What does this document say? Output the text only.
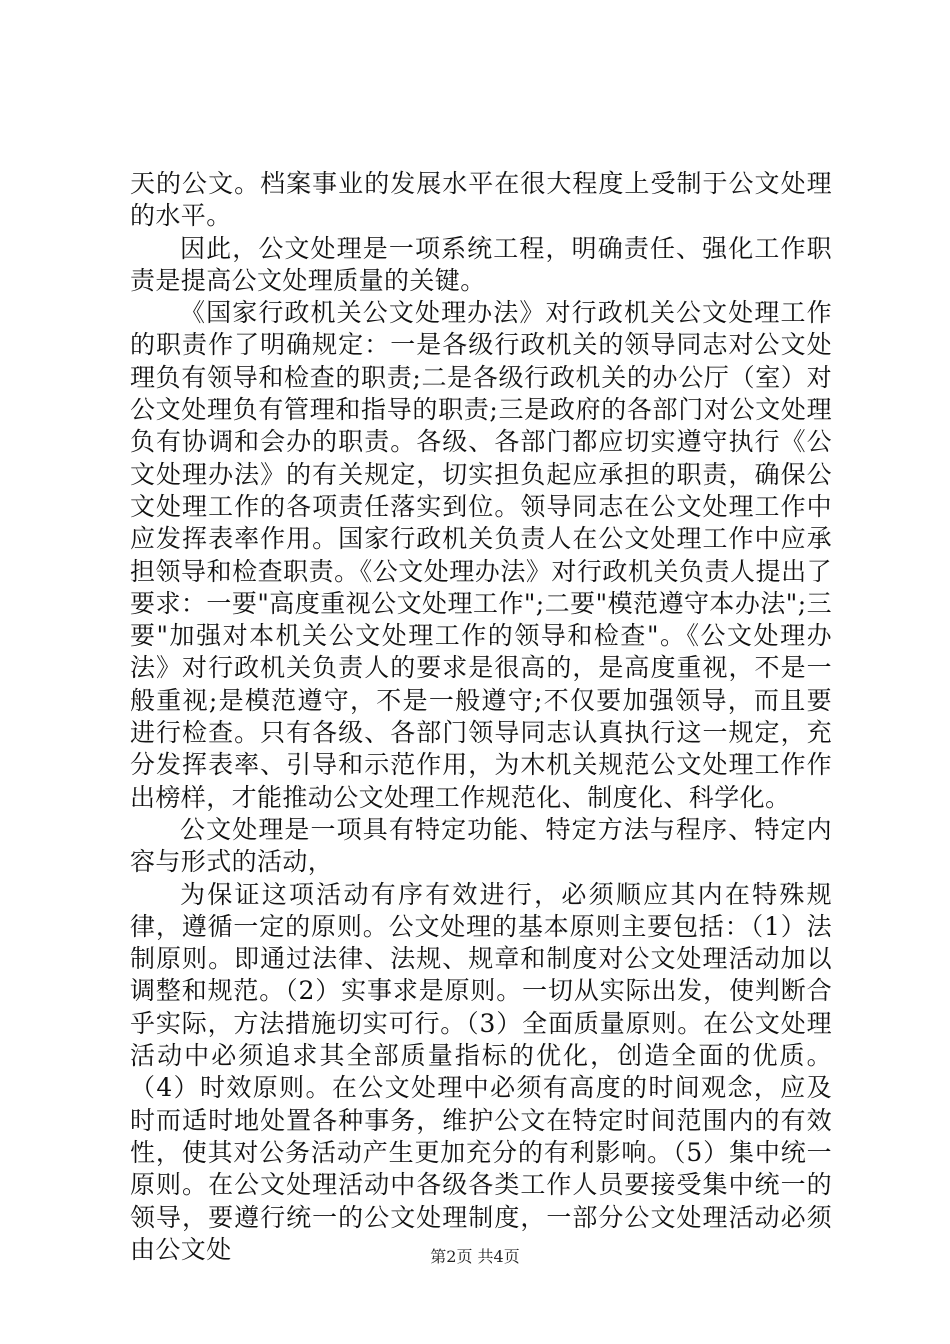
天的公文。档案事业的发展水平在很大程度上受制于公文处理的水平。

因此，公文处理是一项系统工程，明确责任、强化工作职责是提高公文处理质量的关键。

《国家行政机关公文处理办法》对行政机关公文处理工作的职责作了明确规定：一是各级行政机关的领导同志对公文处理负有领导和检查的职责;二是各级行政机关的办公厅（室）对公文处理负有管理和指导的职责;三是政府的各部门对公文处理负有协调和会办的职责。各级、各部门都应切实遵守执行《公文处理办法》的有关规定，切实担负起应承担的职责，确保公文处理工作的各项责任落实到位。领导同志在公文处理工作中应发挥表率作用。国家行政机关负责人在公文处理工作中应承担领导和检查职责。《公文处理办法》对行政机关负责人提出了要求：一要"高度重视公文处理工作";二要"模范遵守本办法";三要"加强对本机关公文处理工作的领导和检查"。《公文处理办法》对行政机关负责人的要求是很高的，是高度重视，不是一般重视;是模范遵守，不是一般遵守;不仅要加强领导，而且要进行检查。只有各级、各部门领导同志认真执行这一规定，充分发挥表率、引导和示范作用，为木机关规范公文处理工作作出榜样，才能推动公文处理工作规范化、制度化、科学化。

公文处理是一项具有特定功能、特定方法与程序、特定内容与形式的活动，

为保证这项活动有序有效进行，必须顺应其内在特殊规律，遵循一定的原则。公文处理的基本原则主要包括：（1）法制原则。即通过法律、法规、规章和制度对公文处理活动加以调整和规范。（2）实事求是原则。一切从实际出发，使判断合乎实际，方法措施切实可行。（3）全面质量原则。在公文处理活动中必须追求其全部质量指标的优化，创造全面的优质。（4）时效原则。在公文处理中必须有高度的时间观念，应及时而适时地处置各种事务，维护公文在特定时间范围内的有效性，使其对公务活动产生更加充分的有利影响。（5）集中统一原则。在公文处理活动中各级各类工作人员要接受集中统一的领导，要遵行统一的公文处理制度，一部分公文处理活动必须由公文处	第2页 共4页
